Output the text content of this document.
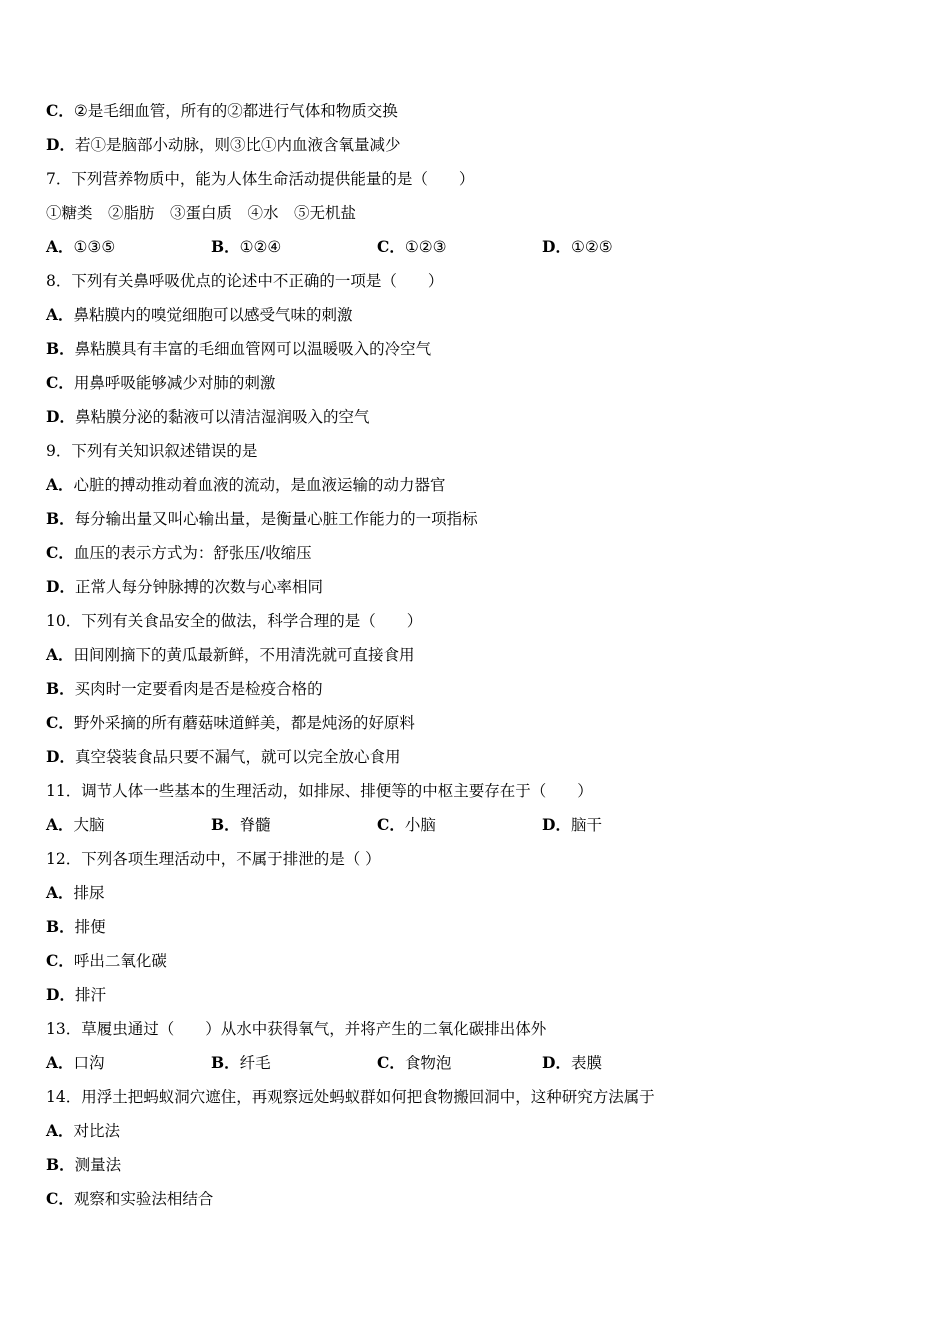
C．②是毛细血管，所有的②都进行气体和物质交换
D．若①是脑部小动脉，则③比①内血液含氧量减少
7．下列营养物质中，能为人体生命活动提供能量的是（　　）
①糖类　②脂肪　③蛋白质　④水　⑤无机盐
A．①③⑤	B．①②④	C．①②③	D．①②⑤
8．下列有关鼻呼吸优点的论述中不正确的一项是（　　）
A．鼻粘膜内的嗅觉细胞可以感受气味的刺激
B．鼻粘膜具有丰富的毛细血管网可以温暖吸入的冷空气
C．用鼻呼吸能够减少对肺的刺激
D．鼻粘膜分泌的黏液可以清洁湿润吸入的空气
9．下列有关知识叙述错误的是
A．心脏的搏动推动着血液的流动，是血液运输的动力器官
B．每分输出量又叫心输出量，是衡量心脏工作能力的一项指标
C．血压的表示方式为：舒张压/收缩压
D．正常人每分钟脉搏的次数与心率相同
10．下列有关食品安全的做法，科学合理的是（　　）
A．田间刚摘下的黄瓜最新鲜，不用清洗就可直接食用
B．买肉时一定要看肉是否是检疫合格的
C．野外采摘的所有蘑菇味道鲜美，都是炖汤的好原料
D．真空袋装食品只要不漏气，就可以完全放心食用
11．调节人体一些基本的生理活动，如排尿、排便等的中枢主要存在于（　　）
A．大脑	B．脊髓	C．小脑	D．脑干
12．下列各项生理活动中，不属于排泄的是（ ）
A．排尿
B．排便
C．呼出二氧化碳
D．排汗
13．草履虫通过（　　）从水中获得氧气，并将产生的二氧化碳排出体外
A．口沟	B．纤毛	C．食物泡	D．表膜
14．用浮土把蚂蚁洞穴遮住，再观察远处蚂蚁群如何把食物搬回洞中，这种研究方法属于
A．对比法
B．测量法
C．观察和实验法相结合
